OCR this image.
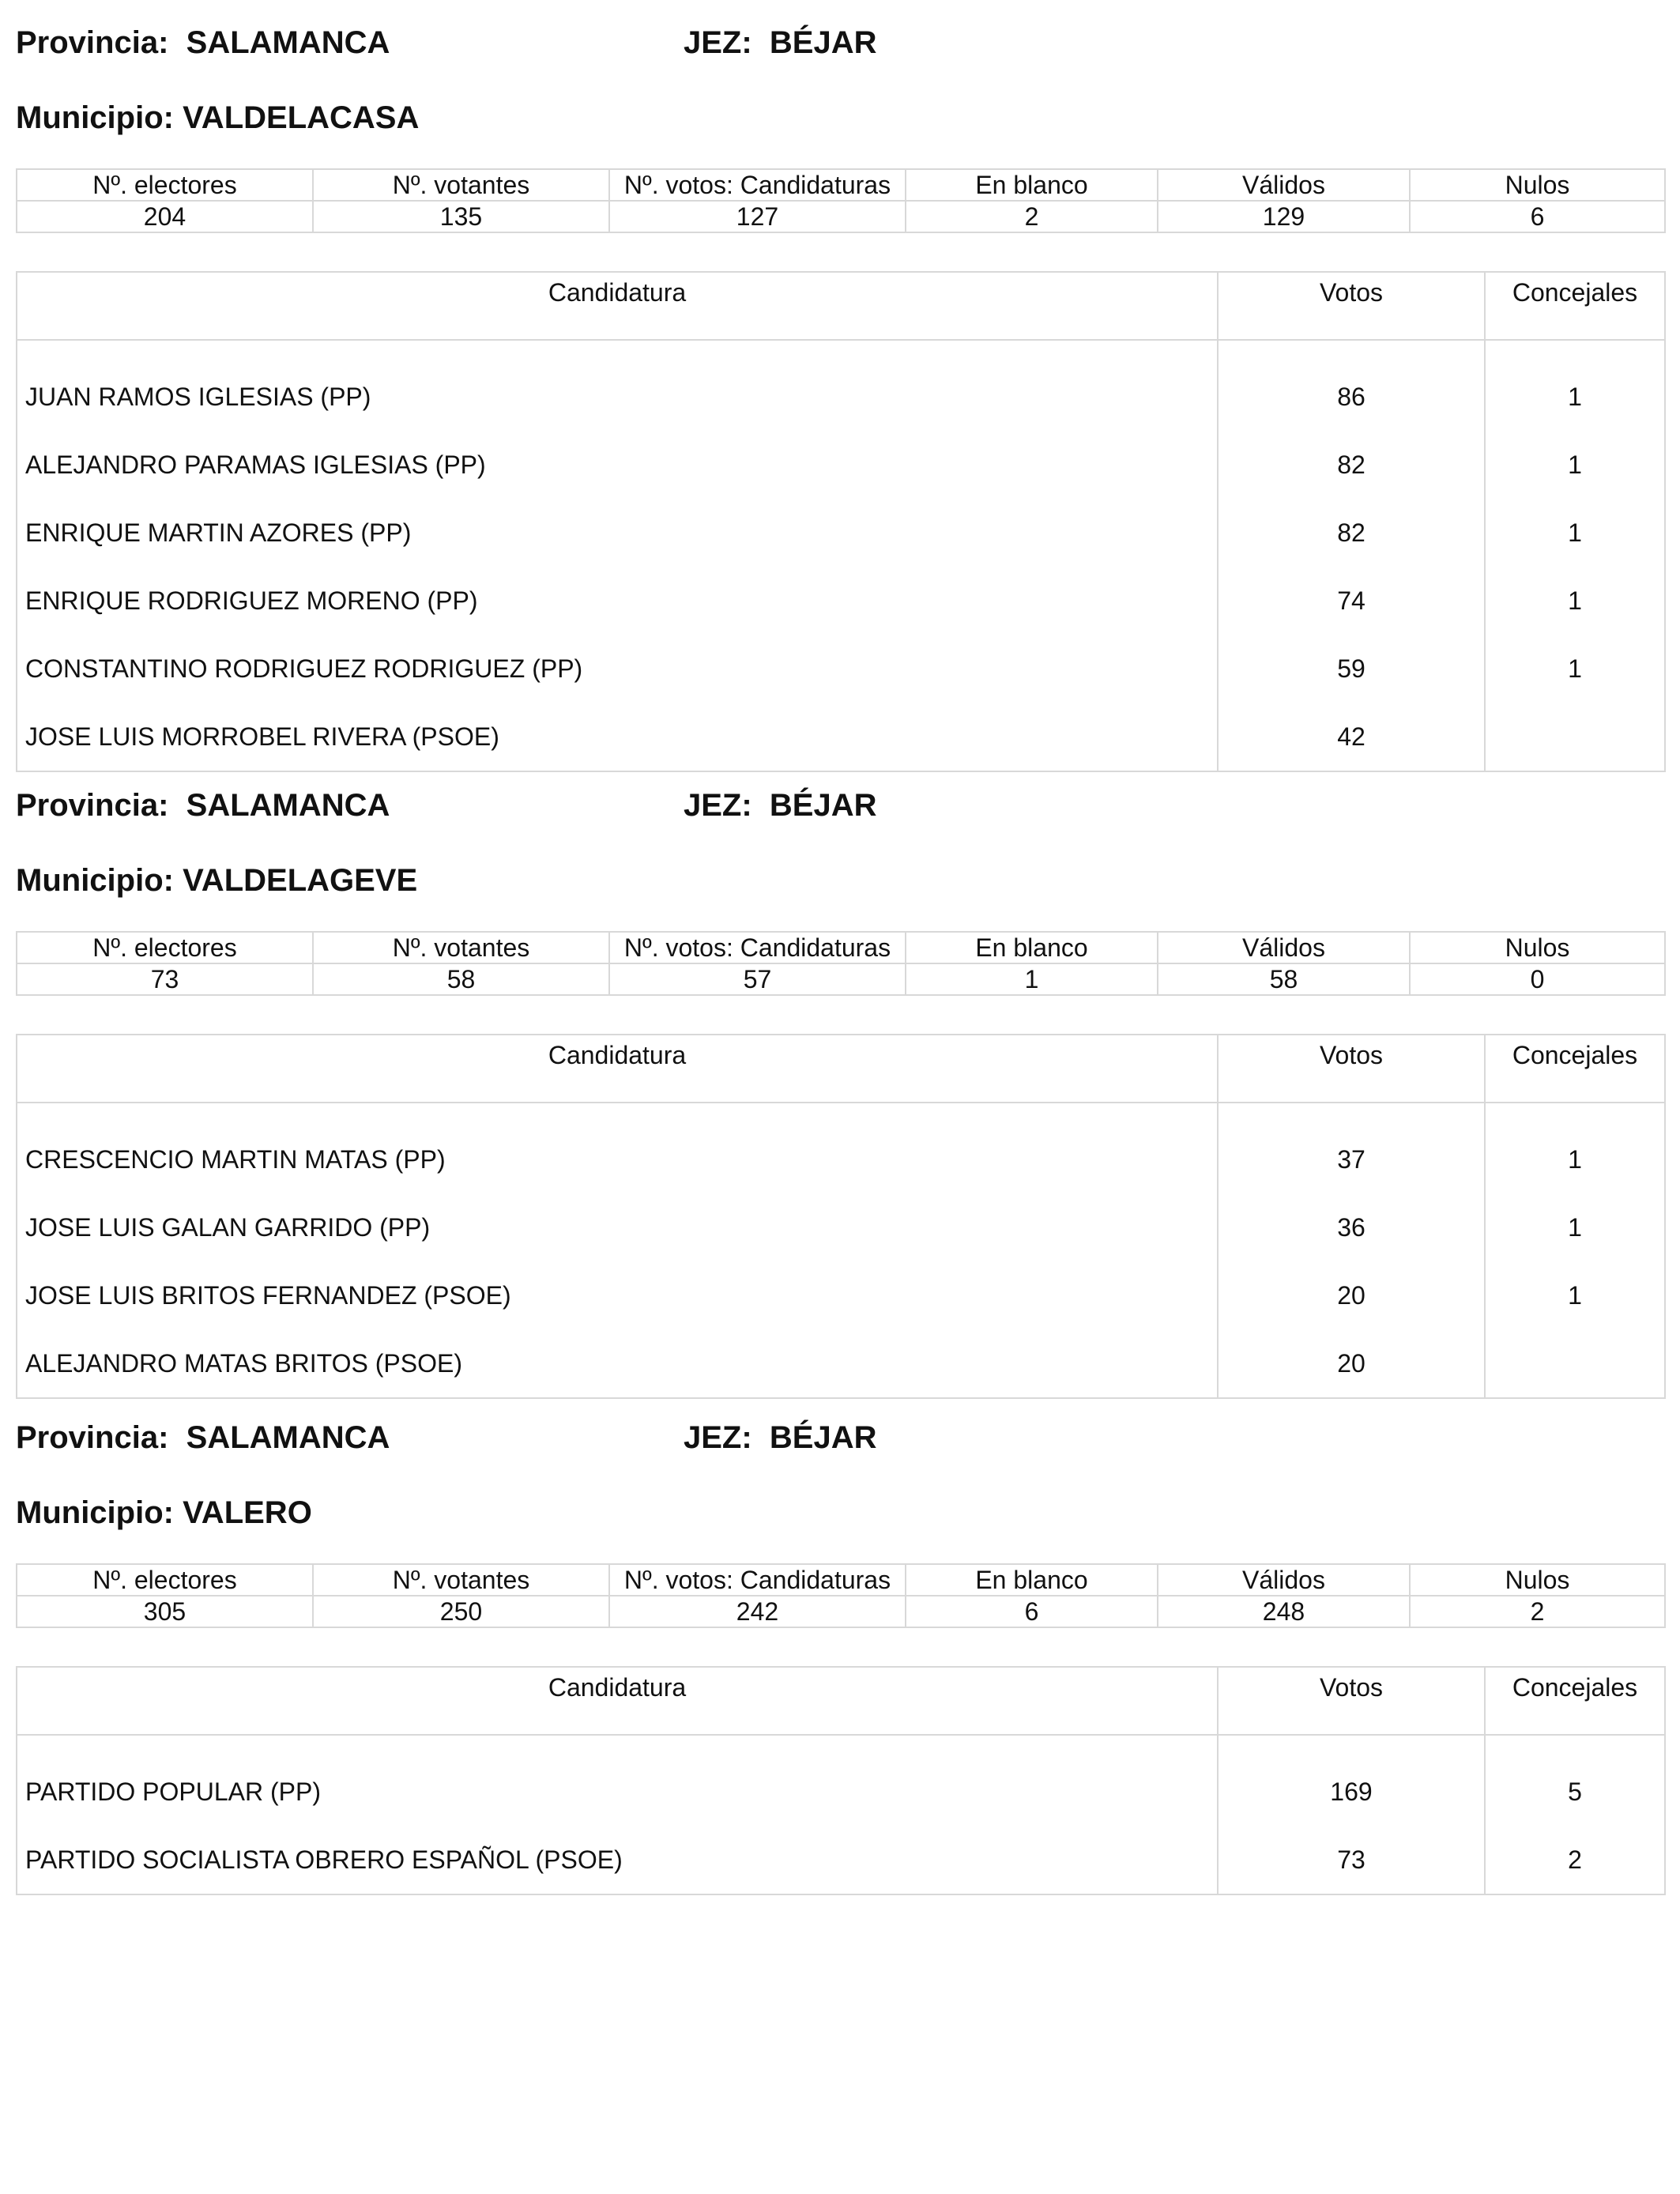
Provincia: SALAMANCA	JEZ: BÉJAR
Municipio: VALDELACASA
Nº. electores	Nº. votantes	Nº. votos: Candidaturas	En blanco	Válidos	Nulos
204	135	127	2	129	6
Candidatura	Votos	Concejales

JUAN RAMOS IGLESIAS (PP)	86	1
ALEJANDRO PARAMAS IGLESIAS (PP)	82	1
ENRIQUE MARTIN AZORES (PP)	82	1
ENRIQUE RODRIGUEZ MORENO (PP)	74	1
CONSTANTINO RODRIGUEZ RODRIGUEZ (PP)	59	1
JOSE LUIS MORROBEL RIVERA (PSOE)	42	
Provincia: SALAMANCA	JEZ: BÉJAR
Municipio: VALDELAGEVE
Nº. electores	Nº. votantes	Nº. votos: Candidaturas	En blanco	Válidos	Nulos
73	58	57	1	58	0
Candidatura	Votos	Concejales

CRESCENCIO MARTIN MATAS (PP)	37	1
JOSE LUIS GALAN GARRIDO (PP)	36	1
JOSE LUIS BRITOS FERNANDEZ (PSOE)	20	1
ALEJANDRO MATAS BRITOS (PSOE)	20	
Provincia: SALAMANCA	JEZ: BÉJAR
Municipio: VALERO
Nº. electores	Nº. votantes	Nº. votos: Candidaturas	En blanco	Válidos	Nulos
305	250	242	6	248	2
Candidatura	Votos	Concejales

PARTIDO POPULAR (PP)	169	5
PARTIDO SOCIALISTA OBRERO ESPAÑOL (PSOE)	73	2
